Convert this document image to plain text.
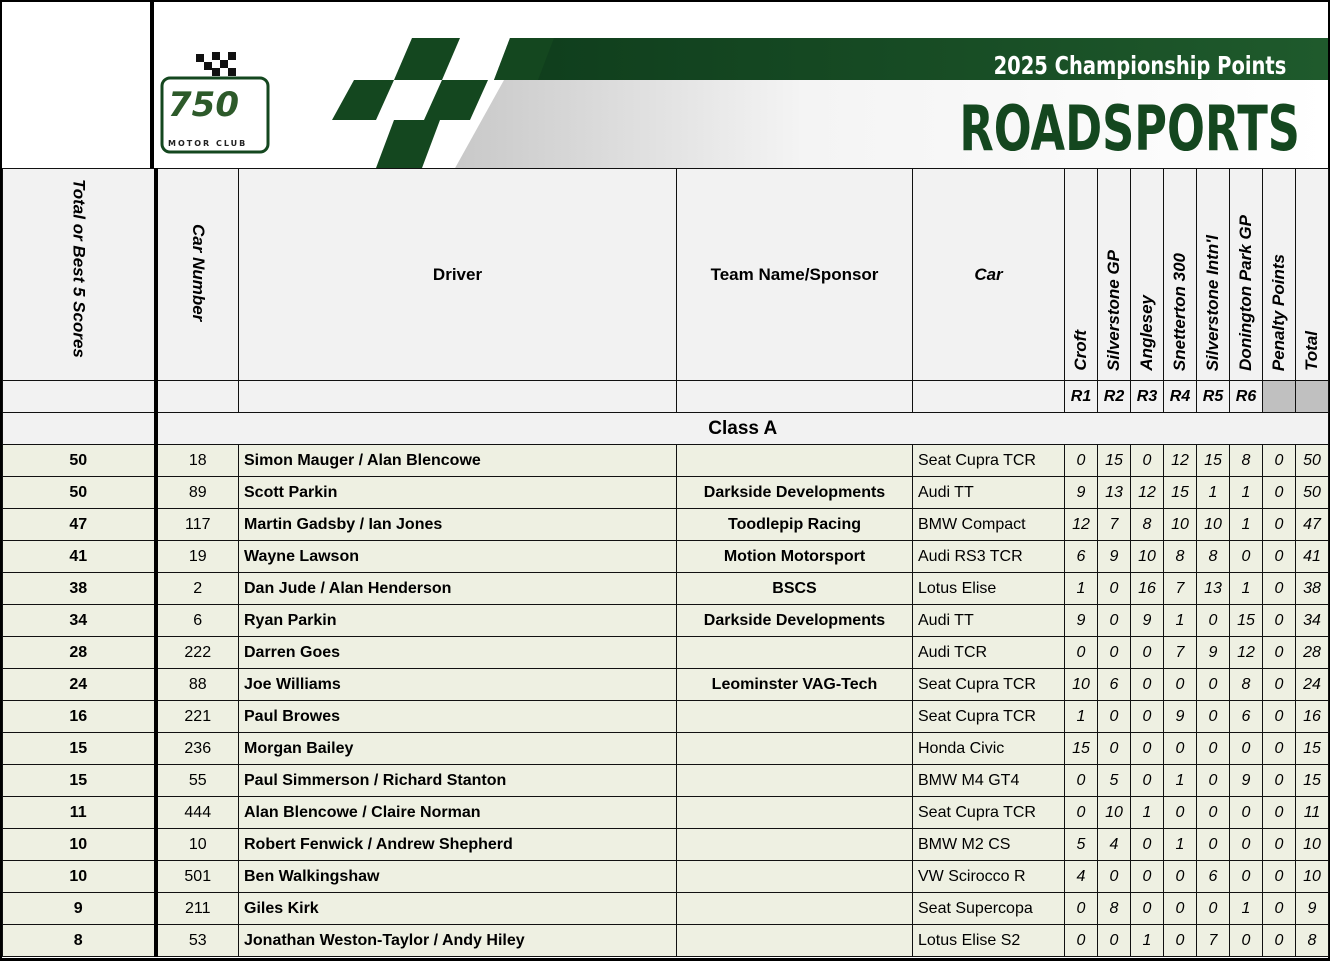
750
MOTOR CLUB
2025 Championship Points
ROADSPORTS
Total or Best 5 Scores	Car Number	Driver	Team Name/Sponsor	Car	Croft	Silverstone GP	Anglesey	Snetterton 300	Silverstone Intn'l	Donington Park GP	Penalty Points	Total
					R1	R2	R3	R4	R5	R6		
	Class A											
50	18	Simon Mauger / Alan Blencowe		Seat Cupra TCR	0	15	0	12	15	8	0	50
50	89	Scott Parkin	Darkside Developments	Audi TT	9	13	12	15	1	1	0	50
47	117	Martin Gadsby / Ian Jones	Toodlepip Racing	BMW Compact	12	7	8	10	10	1	0	47
41	19	Wayne Lawson	Motion Motorsport	Audi RS3 TCR	6	9	10	8	8	0	0	41
38	2	Dan Jude / Alan Henderson	BSCS	Lotus Elise	1	0	16	7	13	1	0	38
34	6	Ryan Parkin	Darkside Developments	Audi TT	9	0	9	1	0	15	0	34
28	222	Darren Goes		Audi TCR	0	0	0	7	9	12	0	28
24	88	Joe Williams	Leominster VAG-Tech	Seat Cupra TCR	10	6	0	0	0	8	0	24
16	221	Paul Browes		Seat Cupra TCR	1	0	0	9	0	6	0	16
15	236	Morgan Bailey		Honda Civic	15	0	0	0	0	0	0	15
15	55	Paul Simmerson / Richard Stanton		BMW M4 GT4	0	5	0	1	0	9	0	15
11	444	Alan Blencowe / Claire Norman		Seat Cupra TCR	0	10	1	0	0	0	0	11
10	10	Robert Fenwick / Andrew Shepherd		BMW M2 CS	5	4	0	1	0	0	0	10
10	501	Ben Walkingshaw		VW Scirocco R	4	0	0	0	6	0	0	10
9	211	Giles Kirk		Seat Supercopa	0	8	0	0	0	1	0	9
8	53	Jonathan Weston-Taylor / Andy Hiley		Lotus Elise S2	0	0	1	0	7	0	0	8
